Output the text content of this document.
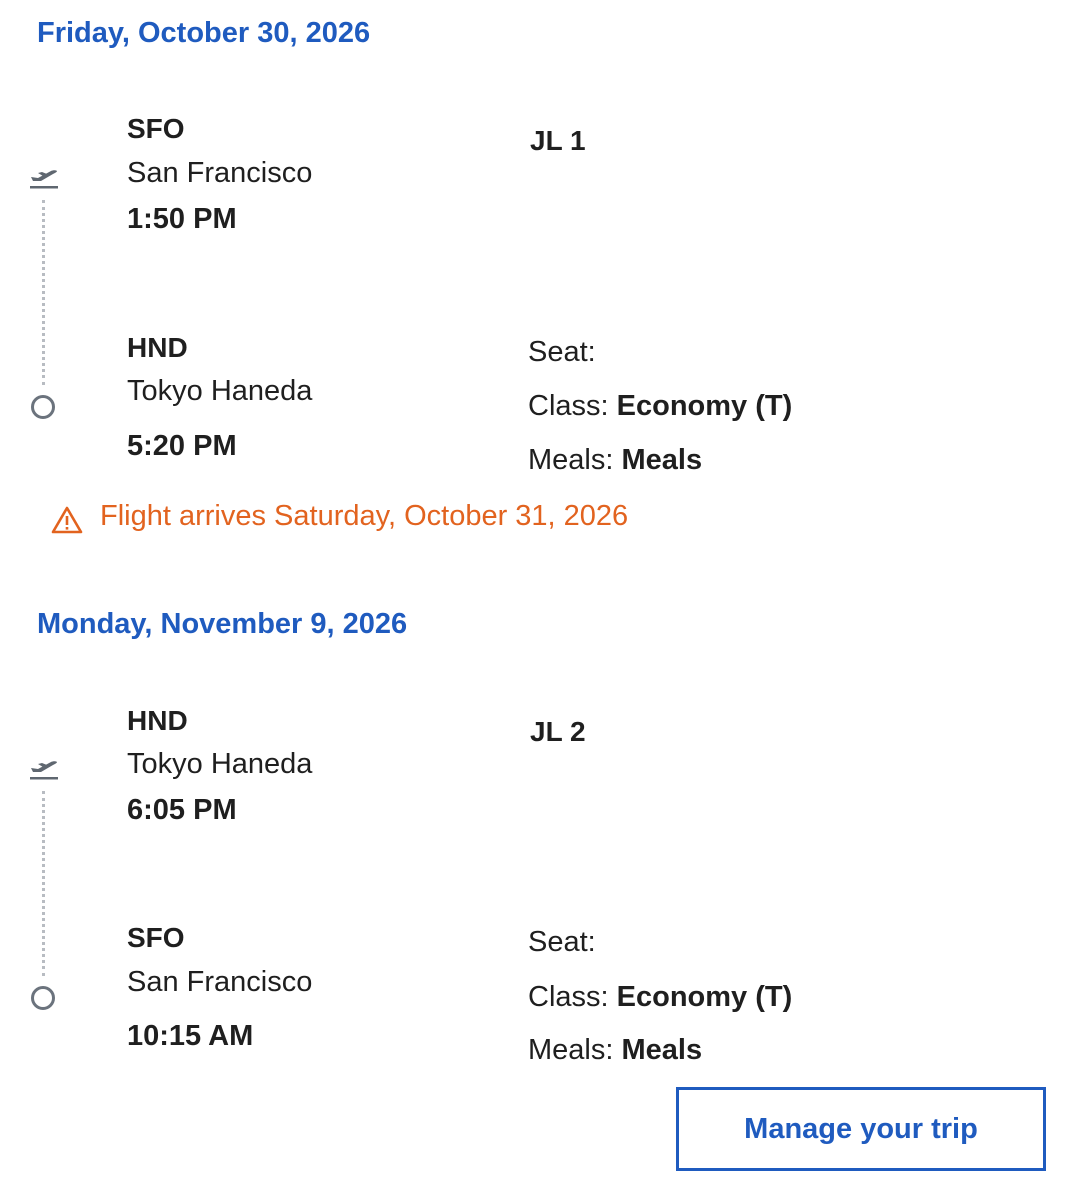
Friday, October 30, 2026
SFO
San Francisco
1:50 PM
JL 1
HND
Tokyo Haneda
5:20 PM
Seat:
Class: Economy (T)
Meals: Meals
Flight arrives Saturday, October 31, 2026
Monday, November 9, 2026
HND
Tokyo Haneda
6:05 PM
JL 2
SFO
San Francisco
10:15 AM
Seat:
Class: Economy (T)
Meals: Meals
Manage your trip
